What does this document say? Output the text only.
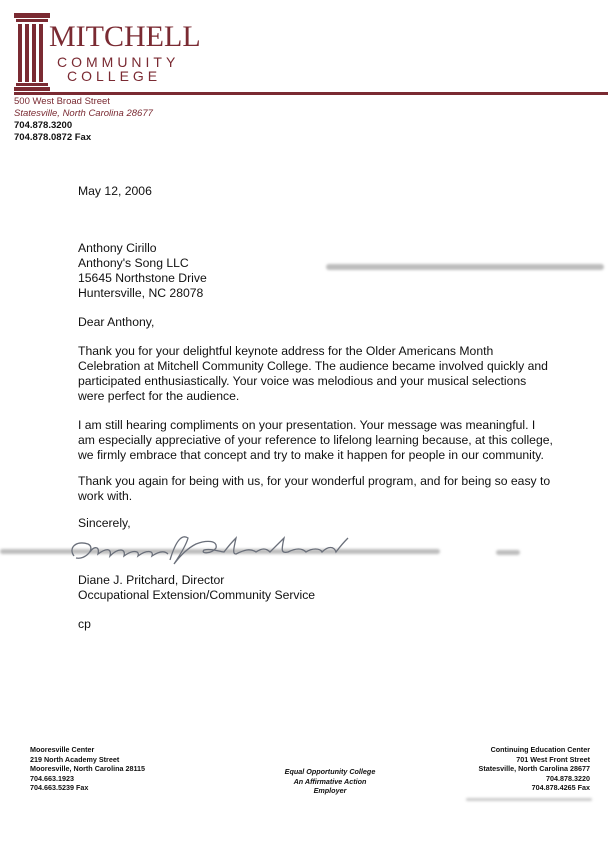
MITCHELL
COMMUNITY
COLLEGE
500 West Broad Street
Statesville, North Carolina 28677
704.878.3200
704.878.0872 Fax
May 12, 2006
Anthony Cirillo
Anthony's Song LLC
15645 Northstone Drive
Huntersville, NC 28078
Dear Anthony,
Thank you for your delightful keynote address for the Older Americans Month
Celebration at Mitchell Community College. The audience became involved quickly and
participated enthusiastically. Your voice was melodious and your musical selections
were perfect for the audience.
I am still hearing compliments on your presentation. Your message was meaningful. I
am especially appreciative of your reference to lifelong learning because, at this college,
we firmly embrace that concept and try to make it happen for people in our community.
Thank you again for being with us, for your wonderful program, and for being so easy to
work with.
Sincerely,
Diane J. Pritchard, Director
Occupational Extension/Community Service
cp
Mooresville Center
219 North Academy Street
Mooresville, North Carolina 28115
704.663.1923
704.663.5239 Fax
Equal Opportunity College
An Affirmative Action
Employer
Continuing Education Center
701 West Front Street
Statesville, North Carolina 28677
704.878.3220
704.878.4265 Fax
